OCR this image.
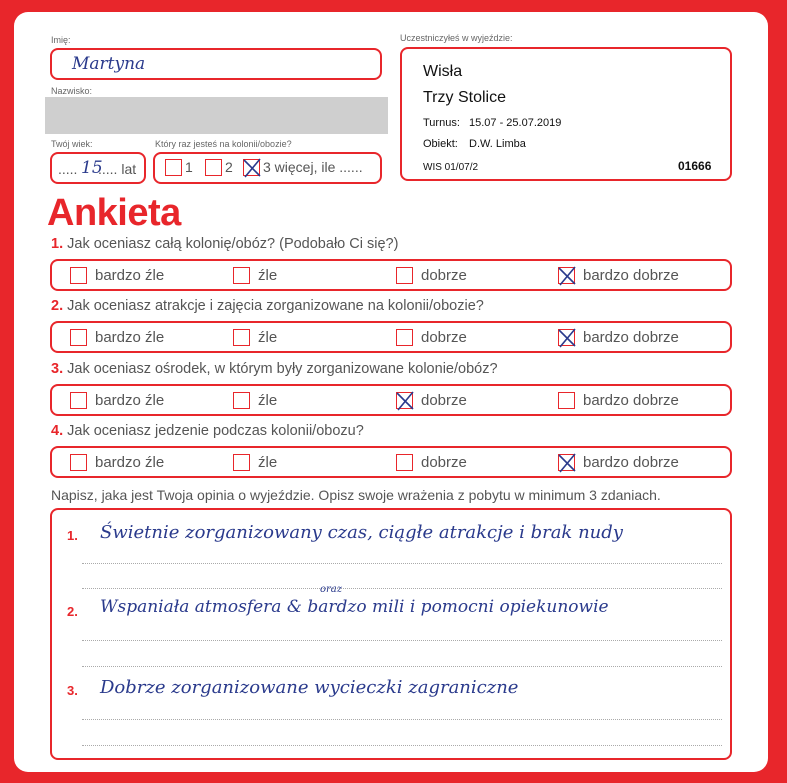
Imię:
Martyna
Nazwisko:
Twój wiek:
..... 15
..... lat
Który raz jesteś na kolonii/obozie?
1 2 3 więcej, ile ......
Uczestniczyłeś w wyjeździe:
Wisła
Trzy Stolice
Turnus: 15.07 - 25.07.2019
Obiekt: D.W. Limba
WIS 01/07/2	01666
Ankieta
1. Jak oceniasz całą kolonię/obóz? (Podobało Ci się?)
bardzo źle	źle	dobrze	bardzo dobrze
2. Jak oceniasz atrakcje i zajęcia zorganizowane na kolonii/obozie?
bardzo źle	źle	dobrze	bardzo dobrze
3. Jak oceniasz ośrodek, w którym były zorganizowane kolonie/obóz?
bardzo źle	źle	dobrze	bardzo dobrze
4. Jak oceniasz jedzenie podczas kolonii/obozu?
bardzo źle	źle	dobrze	bardzo dobrze
Napisz, jaka jest Twoja opinia o wyjeździe. Opisz swoje wrażenia z pobytu w minimum 3 zdaniach.
1. Świetnie zorganizowany czas, ciągłe atrakcje i brak nudy
2.
oraz
Wspaniała atmosfera & bardzo mili i pomocni opiekunowie
3. Dobrze zorganizowane wycieczki zagraniczne
